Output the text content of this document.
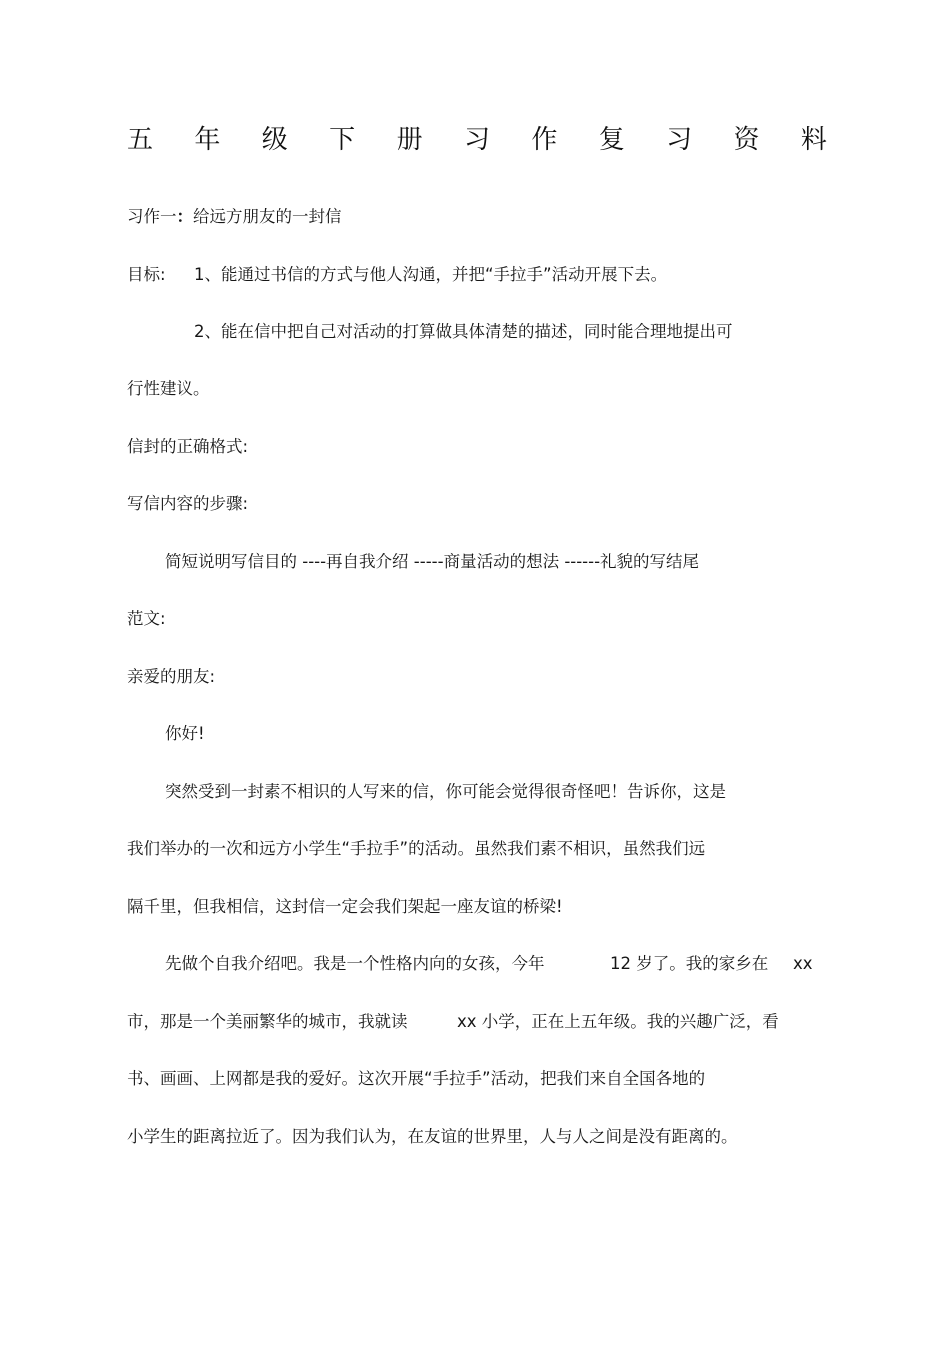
五 年 级 下 册 习 作 复 习 资 料
习作一：给远方朋友的一封信
目标: 1、能通过书信的方式与他人沟通，并把“手拉手”活动开展下去。
2、能在信中把自己对活动的打算做具体清楚的描述，同时能合理地提出可
行性建议。
信封的正确格式:
写信内容的步骤:
简短说明写信目的 ----再自我介绍 -----商量活动的想法 ------礼貌的写结尾
范文:
亲爱的朋友:
你好!
突然受到一封素不相识的人写来的信，你可能会觉得很奇怪吧！告诉你，这是
我们举办的一次和远方小学生“手拉手”的活动。虽然我们素不相识，虽然我们远
隔千里，但我相信，这封信一定会我们架起一座友谊的桥梁!
先做个自我介绍吧。我是一个性格内向的女孩，今年	12 岁了。我的家乡在 xx
市，那是一个美丽繁华的城市，我就读	xx 小学，正在上五年级。我的兴趣广泛，看
书、画画、上网都是我的爱好。这次开展“手拉手”活动，把我们来自全国各地的
小学生的距离拉近了。因为我们认为，在友谊的世界里，人与人之间是没有距离的。
